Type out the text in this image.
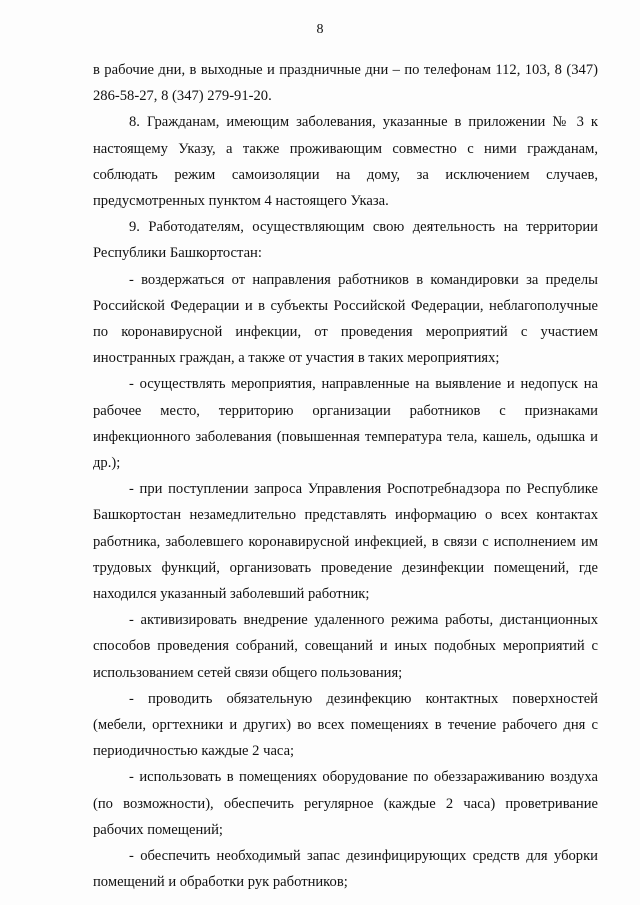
8

в рабочие дни, в выходные и праздничные дни – по телефонам 112, 103, 8 (347) 286-58-27, 8 (347) 279-91-20.

8. Гражданам, имеющим заболевания, указанные в приложении № 3 к настоящему Указу, а также проживающим совместно с ними гражданам, соблюдать режим самоизоляции на дому, за исключением случаев, предусмотренных пунктом 4 настоящего Указа.

9. Работодателям, осуществляющим свою деятельность на территории Республики Башкортостан:

- воздержаться от направления работников в командировки за пределы Российской Федерации и в субъекты Российской Федерации, неблагополучные по коронавирусной инфекции, от проведения мероприятий с участием иностранных граждан, а также от участия в таких мероприятиях;

- осуществлять мероприятия, направленные на выявление и недопуск на рабочее место, территорию организации работников с признаками инфекционного заболевания (повышенная температура тела, кашель, одышка и др.);

- при поступлении запроса Управления Роспотребнадзора по Республике Башкортостан незамедлительно представлять информацию о всех контактах работника, заболевшего коронавирусной инфекцией, в связи с исполнением им трудовых функций, организовать проведение дезинфекции помещений, где находился указанный заболевший работник;

- активизировать внедрение удаленного режима работы, дистанционных способов проведения собраний, совещаний и иных подобных мероприятий с использованием сетей связи общего пользования;

- проводить обязательную дезинфекцию контактных поверхностей (мебели, оргтехники и других) во всех помещениях в течение рабочего дня с периодичностью каждые 2 часа;

- использовать в помещениях оборудование по обеззараживанию воздуха (по возможности), обеспечить регулярное (каждые 2 часа) проветривание рабочих помещений;

- обеспечить необходимый запас дезинфицирующих средств для уборки помещений и обработки рук работников;
